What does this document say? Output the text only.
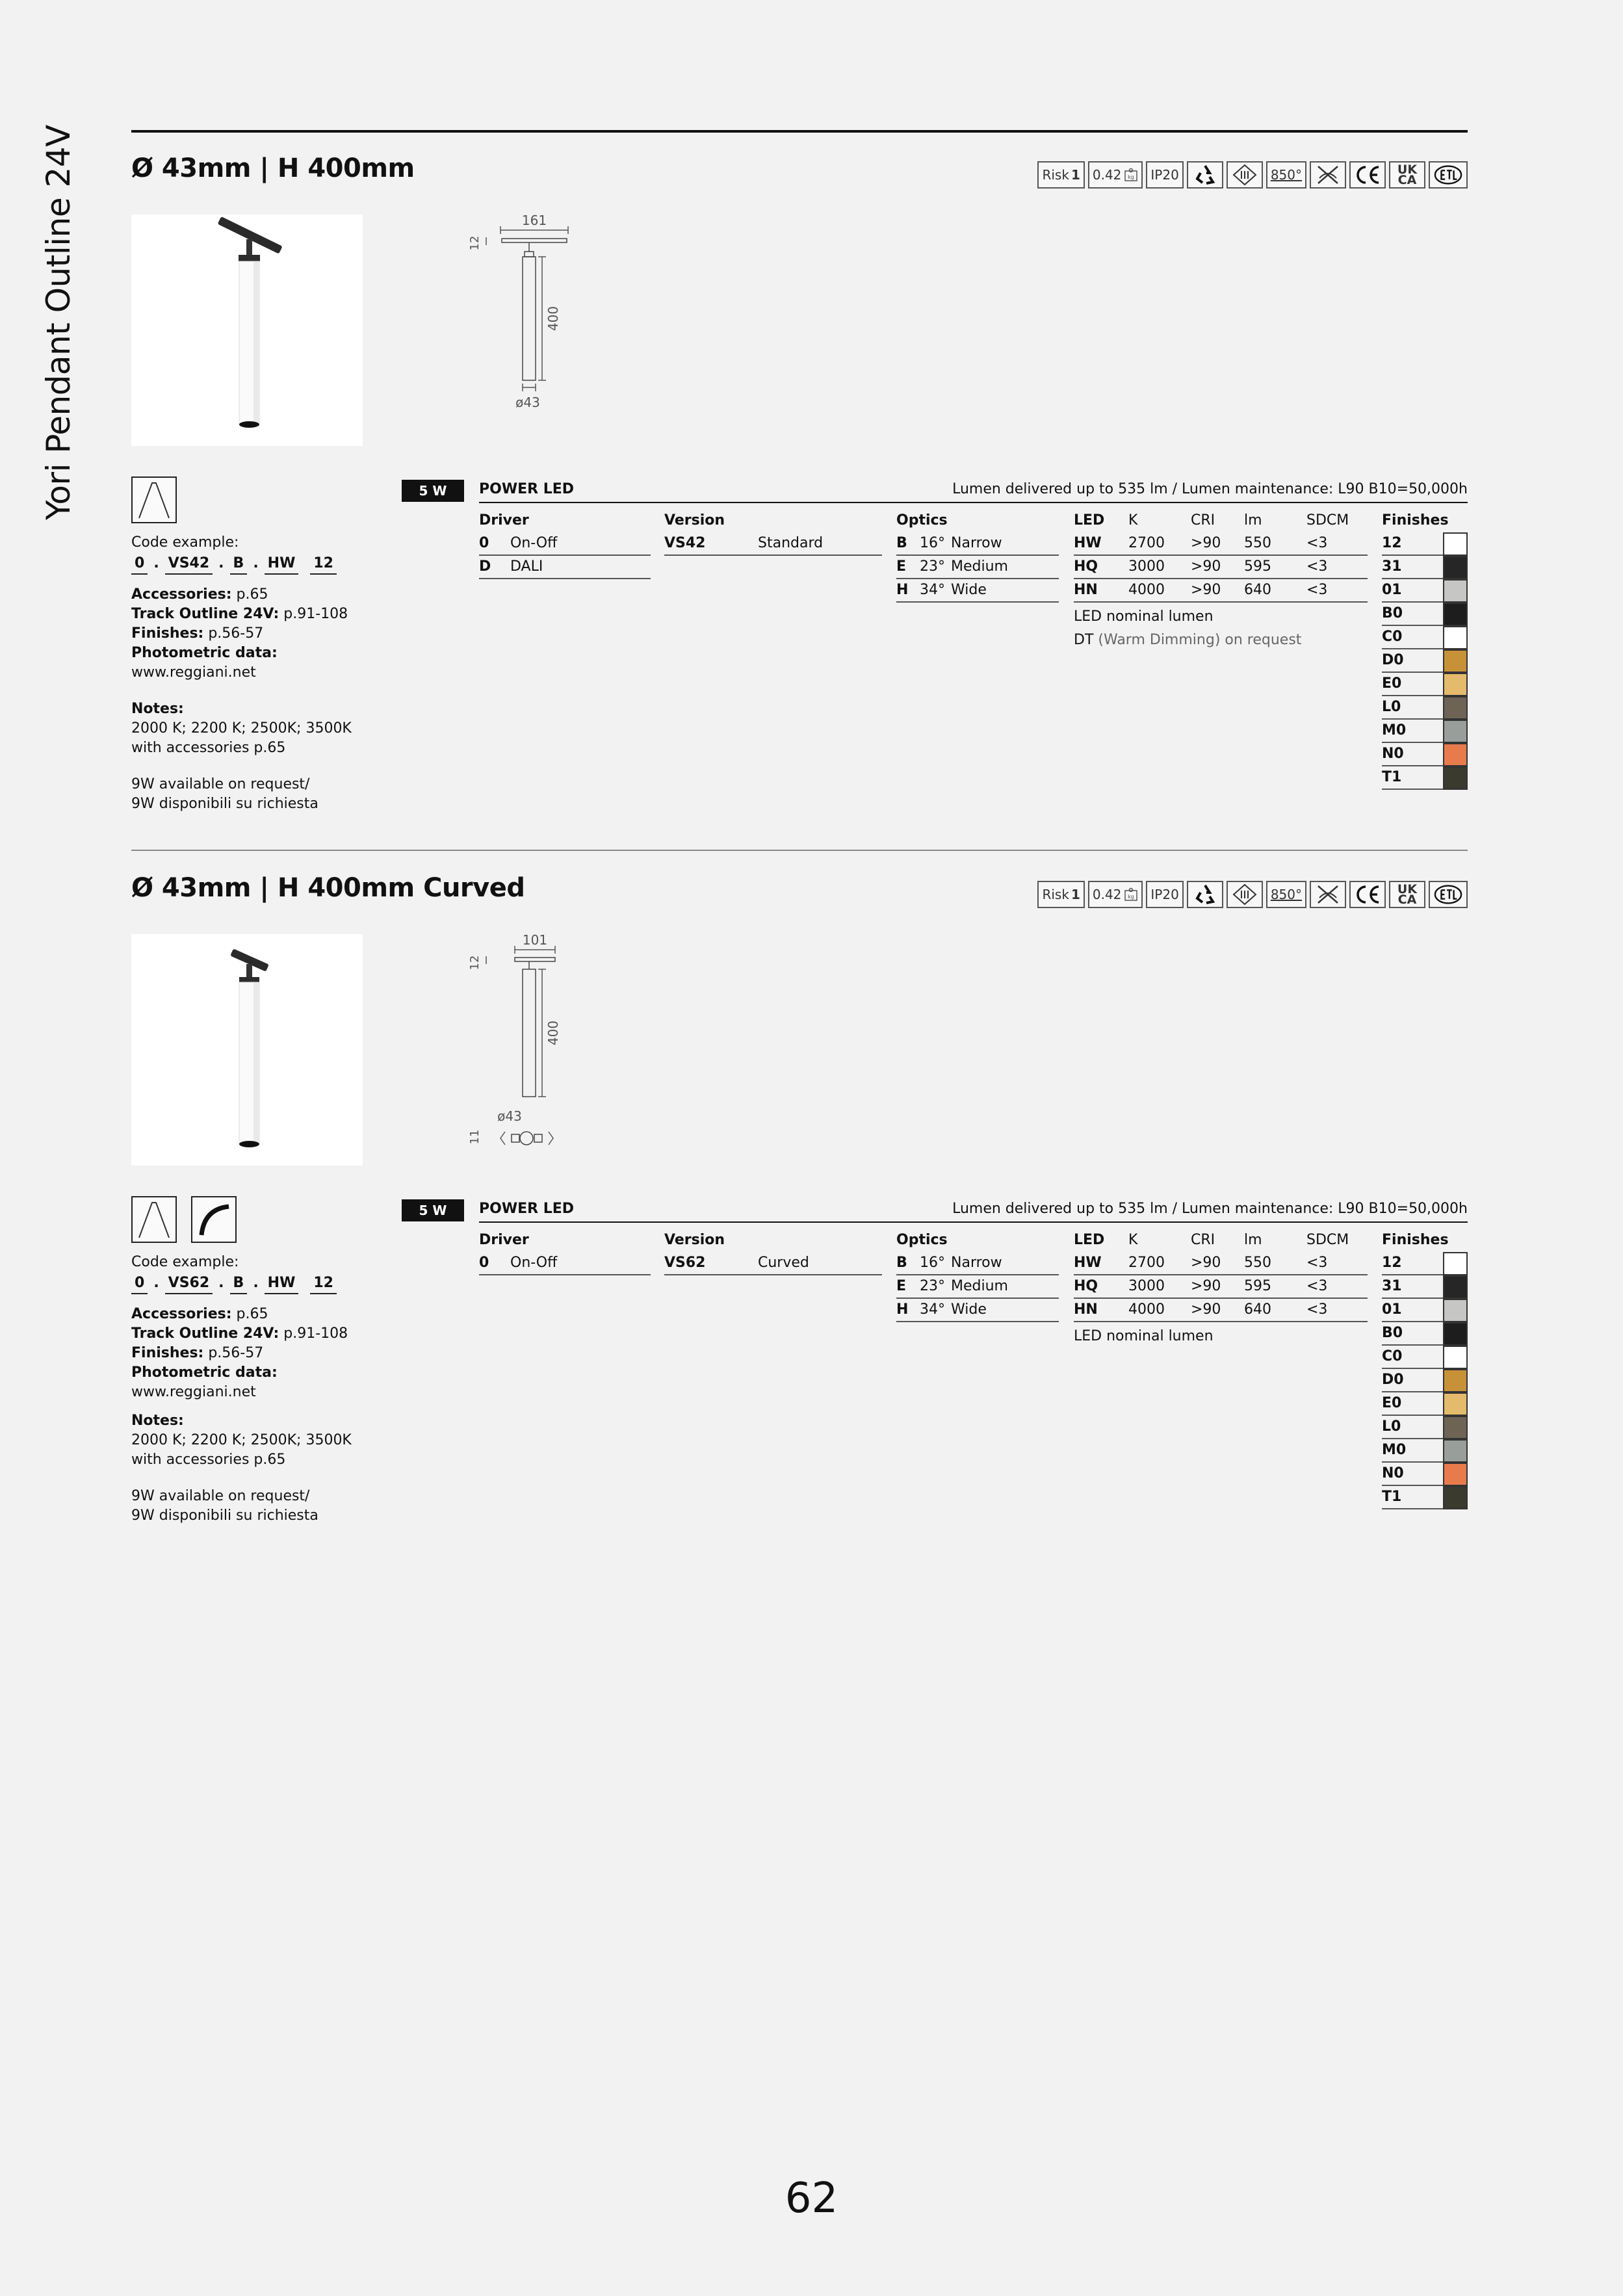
Yori Pendant Outline 24V Ø 43mm | H 400mm	Risk 1 0.42 kg	IP20	850°	UK CA
161
12
400
ø43

Code example:

0 . VS42 . B . HW 12

Accessories: p.65

Track Outline 24V: p.91-108

Finishes: p.56-57

Photometric data:

www.reggiani.net

Notes:

2000 K; 2200 K; 2500K; 3500K

with accessories p.65

9W available on request/

9W disponibili su richiesta

5 W	POWER LED	Lumen delivered up to 535 lm / Lumen maintenance: L90 B10=50,000h
Driver
0	On-Off
D	DALI
Version
VS42	Standard
Optics
B 16° Narrow
E 23° Medium
H 34° Wide
LED	K	CRI	lm	SDCM
HW	2700	>90	550	<3
HQ	3000	>90	595	<3
HN	4000	>90	640	<3
LED nominal lumen
DT (Warm Dimming) on request
Finishes
12
31
01
B0
C0
D0
E0
L0
M0
N0
T1
Ø 43mm | H 400mm Curved	Risk 1 0.42 kg	IP20	850°	UK CA
101
12
400
ø43
11

Code example:

0 . VS62 . B . HW 12

Accessories: p.65

Track Outline 24V: p.91-108

Finishes: p.56-57

Photometric data:

www.reggiani.net

Notes:

2000 K; 2200 K; 2500K; 3500K

with accessories p.65

9W available on request/

9W disponibili su richiesta

5 W	POWER LED	Lumen delivered up to 535 lm / Lumen maintenance: L90 B10=50,000h
Driver
0	On-Off
Version
VS62	Curved
Optics
B 16° Narrow
E 23° Medium
H 34° Wide
LED	K	CRI	lm	SDCM
HW	2700	>90	550	<3
HQ	3000	>90	595	<3
HN	4000	>90	640	<3
LED nominal lumen
Finishes
12
31
01
B0
C0
D0
E0
L0
M0
N0
T1
62
